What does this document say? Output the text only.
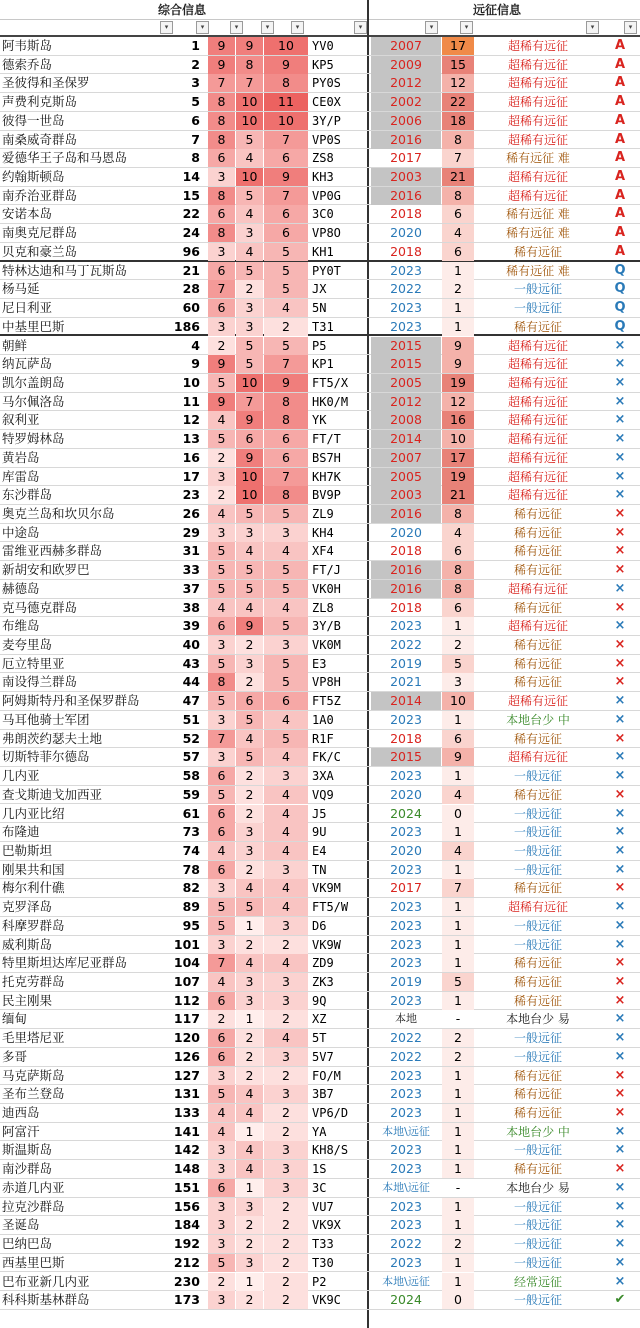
综合信息	远征信息
▾	▾	▾	▾	▾	▾	▾	▾	▾	▾
阿韦斯岛	1	9	9	10	YV0	2007	17	超稀有远征	A
德索乔岛	2	9	8	9	KP5	2009	15	超稀有远征	A
圣彼得和圣保罗	3	7	7	8	PY0S	2012	12	超稀有远征	A
声费利克斯岛	5	8	10	11	CE0X	2002	22	超稀有远征	A
彼得一世岛	6	8	10	10	3Y/P	2006	18	超稀有远征	A
南桑威奇群岛	7	8	5	7	VP0S	2016	8	超稀有远征	A
爱德华王子岛和马恩岛	8	6	4	6	ZS8	2017	7	稀有远征 难	A
约翰斯顿岛	14	3	10	9	KH3	2003	21	超稀有远征	A
南乔治亚群岛	15	8	5	7	VP0G	2016	8	超稀有远征	A
安诺本岛	22	6	4	6	3C0	2018	6	稀有远征 难	A
南奥克尼群岛	24	8	3	6	VP8O	2020	4	稀有远征 难	A
贝克和豪兰岛	96	3	4	5	KH1	2018	6	稀有远征	A
特林达迪和马丁瓦斯岛	21	6	5	5	PY0T	2023	1	稀有远征 难	Q
杨马延	28	7	2	5	JX	2022	2	一般远征	Q
尼日利亚	60	6	3	4	5N	2023	1	一般远征	Q
中基里巴斯	186	3	3	2	T31	2023	1	稀有远征	Q
朝鲜	4	2	5	5	P5	2015	9	超稀有远征	×
纳瓦萨岛	9	9	5	7	KP1	2015	9	超稀有远征	×
凯尔盖朗岛	10	5	10	9	FT5/X	2005	19	超稀有远征	×
马尔佩洛岛	11	9	7	8	HK0/M	2012	12	超稀有远征	×
叙利亚	12	4	9	8	YK	2008	16	超稀有远征	×
特罗姆林岛	13	5	6	6	FT/T	2014	10	超稀有远征	×
黄岩岛	16	2	9	6	BS7H	2007	17	超稀有远征	×
库雷岛	17	3	10	7	KH7K	2005	19	超稀有远征	×
东沙群岛	23	2	10	8	BV9P	2003	21	超稀有远征	×
奥克兰岛和坎贝尔岛	26	4	5	5	ZL9	2016	8	稀有远征	×
中途岛	29	3	3	3	KH4	2020	4	稀有远征	×
雷维亚西赫多群岛	31	5	4	4	XF4	2018	6	稀有远征	×
新胡安和欧罗巴	33	5	5	5	FT/J	2016	8	稀有远征	×
赫德岛	37	5	5	5	VK0H	2016	8	超稀有远征	×
克马德克群岛	38	4	4	4	ZL8	2018	6	稀有远征	×
布维岛	39	6	9	5	3Y/B	2023	1	超稀有远征	×
麦夸里岛	40	3	2	3	VK0M	2022	2	稀有远征	×
厄立特里亚	43	5	3	5	E3	2019	5	稀有远征	×
南设得兰群岛	44	8	2	5	VP8H	2021	3	稀有远征	×
阿姆斯特丹和圣保罗群岛	47	5	6	6	FT5Z	2014	10	超稀有远征	×
马耳他骑士军团	51	3	5	4	1A0	2023	1	本地台少 中	×
弗朗茨约瑟夫土地	52	7	4	5	R1F	2018	6	稀有远征	×
切斯特菲尔德岛	57	3	5	4	FK/C	2015	9	超稀有远征	×
几内亚	58	6	2	3	3XA	2023	1	一般远征	×
查戈斯迪戈加西亚	59	5	2	4	VQ9	2020	4	稀有远征	×
几内亚比绍	61	6	2	4	J5	2024	0	一般远征	×
布隆迪	73	6	3	4	9U	2023	1	一般远征	×
巴勒斯坦	74	4	3	4	E4	2020	4	一般远征	×
刚果共和国	78	6	2	3	TN	2023	1	一般远征	×
梅尔利什礁	82	3	4	4	VK9M	2017	7	稀有远征	×
克罗泽岛	89	5	5	4	FT5/W	2023	1	超稀有远征	×
科摩罗群岛	95	5	1	3	D6	2023	1	一般远征	×
威利斯岛	101	3	2	2	VK9W	2023	1	一般远征	×
特里斯坦达库尼亚群岛	104	7	4	4	ZD9	2023	1	稀有远征	×
托克劳群岛	107	4	3	3	ZK3	2019	5	稀有远征	×
民主刚果	112	6	3	3	9Q	2023	1	稀有远征	×
缅甸	117	2	1	2	XZ	本地	-	本地台少 易	×
毛里塔尼亚	120	6	2	4	5T	2022	2	一般远征	×
多哥	126	6	2	3	5V7	2022	2	一般远征	×
马克萨斯岛	127	3	2	2	FO/M	2023	1	稀有远征	×
圣布兰登岛	131	5	4	3	3B7	2023	1	稀有远征	×
迪西岛	133	4	4	2	VP6/D	2023	1	稀有远征	×
阿富汗	141	4	1	2	YA	本地\远征	1	本地台少 中	×
斯温斯岛	142	3	4	3	KH8/S	2023	1	一般远征	×
南沙群岛	148	3	4	3	1S	2023	1	稀有远征	×
赤道几内亚	151	6	1	3	3C	本地\远征	-	本地台少 易	×
拉克沙群岛	156	3	3	2	VU7	2023	1	一般远征	×
圣诞岛	184	3	2	2	VK9X	2023	1	一般远征	×
巴纳巴岛	192	3	2	2	T33	2022	2	一般远征	×
西基里巴斯	212	5	3	2	T30	2023	1	一般远征	×
巴布亚新几内亚	230	2	1	2	P2	本地\远征	1	经常远征	×
科科斯基林群岛	173	3	2	2	VK9C	2024	0	一般远征	✔
